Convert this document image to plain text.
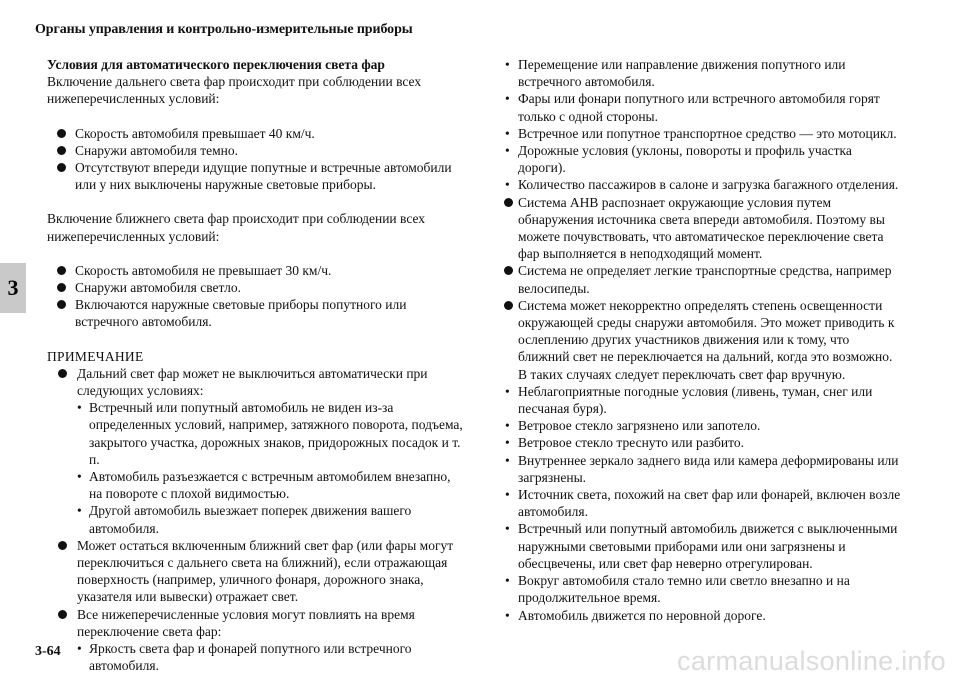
Органы управления и контрольно-измерительные приборы
3

Условия для автоматического переключения света фар

Включение дальнего света фар происходит при соблюдении всех нижеперечисленных условий:

Скорость автомобиля превышает 40 км/ч.

Снаружи автомобиля темно.

Отсутствуют впереди идущие попутные и встречные автомобили или у них выключены наружные световые приборы.

Включение ближнего света фар происходит при соблюдении всех нижеперечисленных условий:

Скорость автомобиля не превышает 30 км/ч.

Снаружи автомобиля светло.

Включаются наружные световые приборы попутного или встречного автомобиля.

ПРИМЕЧАНИЕ

Дальний свет фар может не выключиться автоматически при следующих условиях:

• Встречный или попутный автомобиль не виден из-за определенных условий, например, затяжного поворота, подъема, закрытого участка, дорожных знаков, придорожных посадок и т. п.

• Автомобиль разъезжается с встречным автомобилем внезапно, на повороте с плохой видимостью.

• Другой автомобиль выезжает поперек движения вашего автомобиля.

Может остаться включенным ближний свет фар (или фары могут переключиться с дальнего света на ближний), если отражающая поверхность (например, уличного фонаря, дорожного знака, указателя или вывески) отражает свет.

Все нижеперечисленные условия могут повлиять на время переключение света фар:

• Яркость света фар и фонарей попутного или встречного автомобиля.

• Перемещение или направление движения попутного или встречного автомобиля.

• Фары или фонари попутного или встречного автомобиля горят только с одной стороны.

• Встречное или попутное транспортное средство — это мотоцикл.

• Дорожные условия (уклоны, повороты и профиль участка дороги).

• Количество пассажиров в салоне и загрузка багажного отделения.

Система AHB распознает окружающие условия путем обнаружения источника света впереди автомобиля. Поэтому вы можете почувствовать, что автоматическое переключение света фар выполняется в неподходящий момент.

Система не определяет легкие транспортные средства, например велосипеды.

Система может некорректно определять степень освещенности окружающей среды снаружи автомобиля. Это может приводить к ослеплению других участников движения или к тому, что ближний свет не переключается на дальний, когда это возможно. В таких случаях следует переключать свет фар вручную.

• Неблагоприятные погодные условия (ливень, туман, снег или песчаная буря).

• Ветровое стекло загрязнено или запотело.

• Ветровое стекло треснуто или разбито.

• Внутреннее зеркало заднего вида или камера деформированы или загрязнены.

• Источник света, похожий на свет фар или фонарей, включен возле автомобиля.

• Встречный или попутный автомобиль движется с выключенными наружными световыми приборами или они загрязнены и обесцвечены, или свет фар неверно отрегулирован.

• Вокруг автомобиля стало темно или светло внезапно и на продолжительное время.

• Автомобиль движется по неровной дороге.

3-64	carmanualsonline.info
